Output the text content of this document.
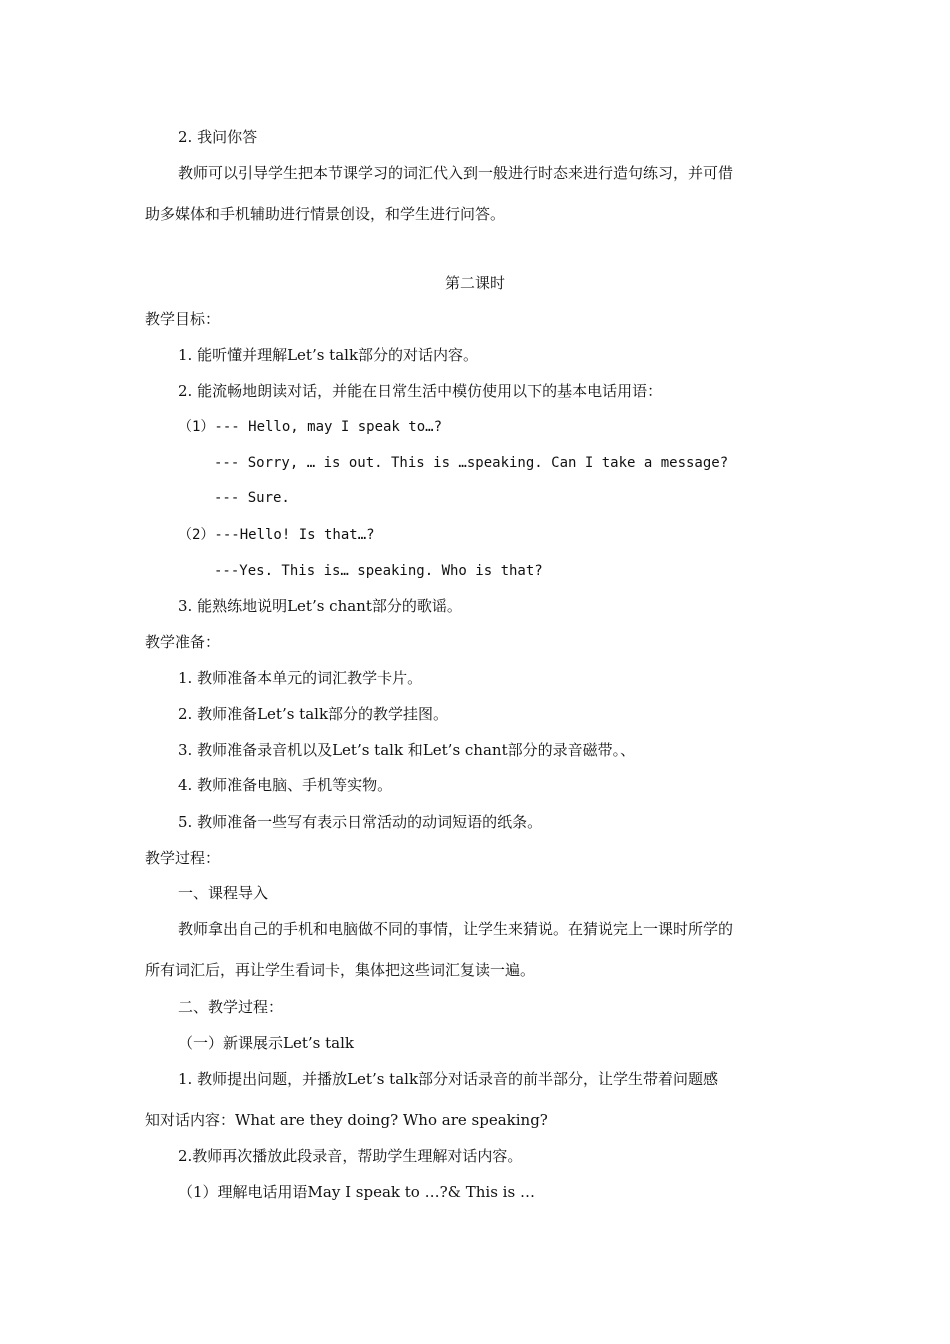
2. 我问你答
教师可以引导学生把本节课学习的词汇代入到一般进行时态来进行造句练习，并可借
助多媒体和手机辅助进行情景创设，和学生进行问答。
第二课时
教学目标：
1. 能听懂并理解Let’s talk部分的对话内容。
2. 能流畅地朗读对话，并能在日常生活中模仿使用以下的基本电话用语：
（1）--- Hello, may I speak to…?
--- Sorry, … is out. This is …speaking. Can I take a message?
--- Sure.
（2）---Hello! Is that…?
---Yes. This is… speaking. Who is that?
3. 能熟练地说明Let’s chant部分的歌谣。
教学准备：
1. 教师准备本单元的词汇教学卡片。
2. 教师准备Let’s talk部分的教学挂图。
3. 教师准备录音机以及Let’s talk 和Let’s chant部分的录音磁带。、
4. 教师准备电脑、手机等实物。
5. 教师准备一些写有表示日常活动的动词短语的纸条。
教学过程：
一、课程导入
教师拿出自己的手机和电脑做不同的事情，让学生来猜说。在猜说完上一课时所学的
所有词汇后，再让学生看词卡，集体把这些词汇复读一遍。
二、教学过程：
（一）新课展示Let’s talk
1. 教师提出问题，并播放Let’s talk部分对话录音的前半部分，让学生带着问题感
知对话内容：What are they doing? Who are speaking?
2.教师再次播放此段录音，帮助学生理解对话内容。
（1）理解电话用语May I speak to …?& This is …
